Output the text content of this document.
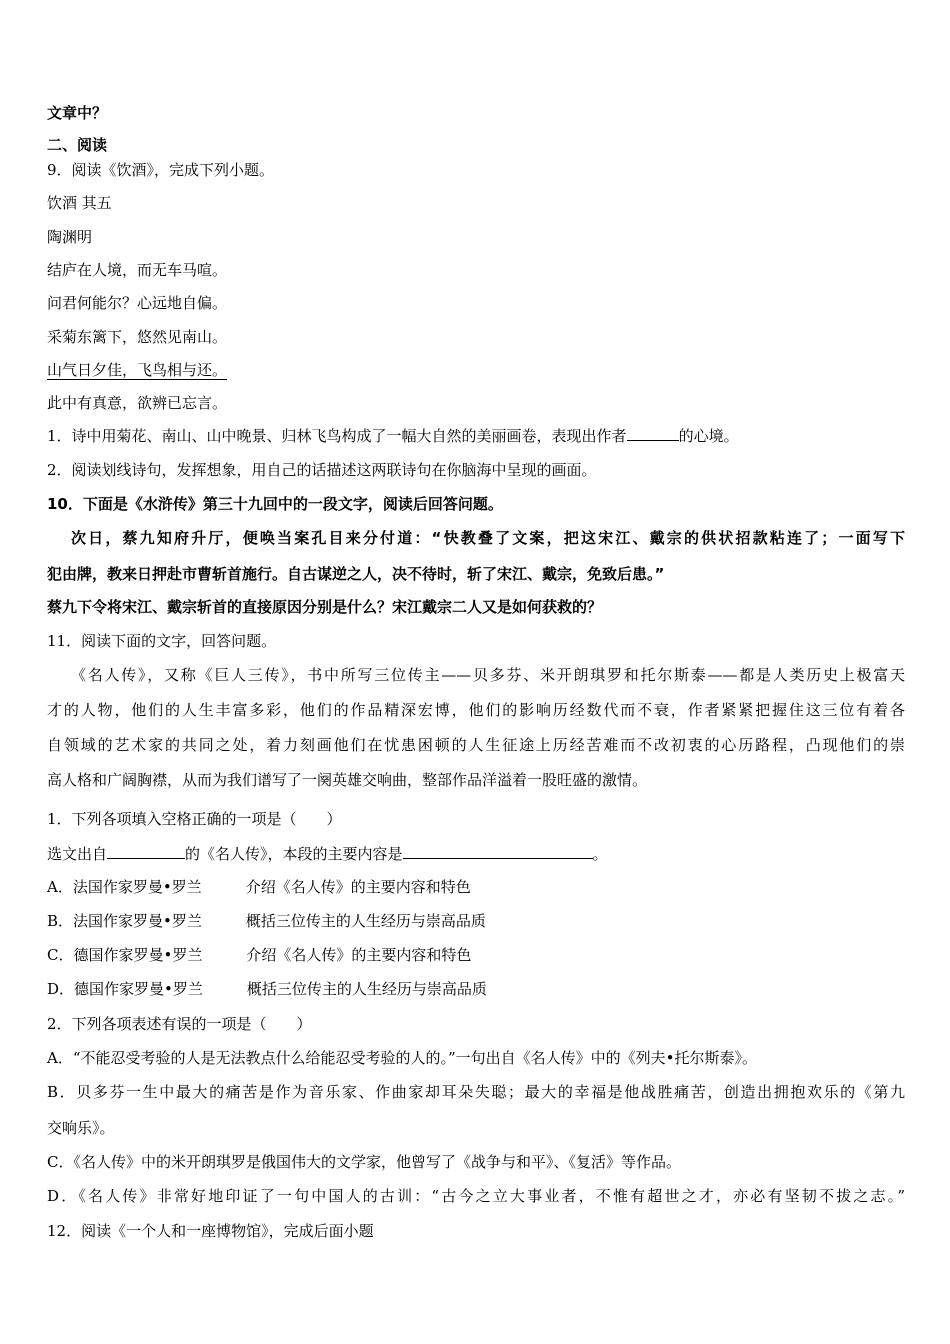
文章中？
二、阅读
9．阅读《饮酒》，完成下列小题。
饮酒 其五
陶渊明
结庐在人境，而无车马喧。
问君何能尔？心远地自偏。
采菊东篱下，悠然见南山。
山气日夕佳，飞鸟相与还。
此中有真意，欲辨已忘言。
1．诗中用菊花、南山、山中晚景、归林飞鸟构成了一幅大自然的美丽画卷，表现出作者	的心境。
2．阅读划线诗句，发挥想象，用自己的话描述这两联诗句在你脑海中呈现的画面。
10．下面是《水浒传》第三十九回中的一段文字，阅读后回答问题。
次日，蔡九知府升厅，便唤当案孔目来分付道：“快教叠了文案，把这宋江、戴宗的供状招款粘连了；一面写下
犯由牌，教来日押赴市曹斩首施行。自古谋逆之人，决不待时，斩了宋江、戴宗，免致后患。”
蔡九下令将宋江、戴宗斩首的直接原因分别是什么？宋江戴宗二人又是如何获救的？
11．阅读下面的文字，回答问题。
《名人传》，又称《巨人三传》，书中所写三位传主——贝多芬、米开朗琪罗和托尔斯泰——都是人类历史上极富天
才的人物，他们的人生丰富多彩，他们的作品精深宏博，他们的影响历经数代而不衰，作者紧紧把握住这三位有着各
自领域的艺术家的共同之处，着力刻画他们在忧患困顿的人生征途上历经苦难而不改初衷的心历路程，凸现他们的崇
高人格和广阔胸襟，从而为我们谱写了一阕英雄交响曲，整部作品洋溢着一股旺盛的激情。
1．下列各项填入空格正确的一项是（　　）
选文出自	的《名人传》，本段的主要内容是	。
A．法国作家罗曼•罗兰	介绍《名人传》的主要内容和特色
B．法国作家罗曼•罗兰	概括三位传主的人生经历与崇高品质
C．德国作家罗曼•罗兰	介绍《名人传》的主要内容和特色
D．德国作家罗曼•罗兰	概括三位传主的人生经历与崇高品质
2．下列各项表述有误的一项是（　　）
A．“不能忍受考验的人是无法教点什么给能忍受考验的人的。”一句出自《名人传》中的《列夫•托尔斯泰》。
B．贝多芬一生中最大的痛苦是作为音乐家、作曲家却耳朵失聪；最大的幸福是他战胜痛苦，创造出拥抱欢乐的《第九
交响乐》。
C．《名人传》中的米开朗琪罗是俄国伟大的文学家，他曾写了《战争与和平》、《复活》等作品。
D．《名人传》非常好地印证了一句中国人的古训：“古今之立大事业者，不惟有超世之才，亦必有坚韧不拔之志。”
12．阅读《一个人和一座博物馆》，完成后面小题
